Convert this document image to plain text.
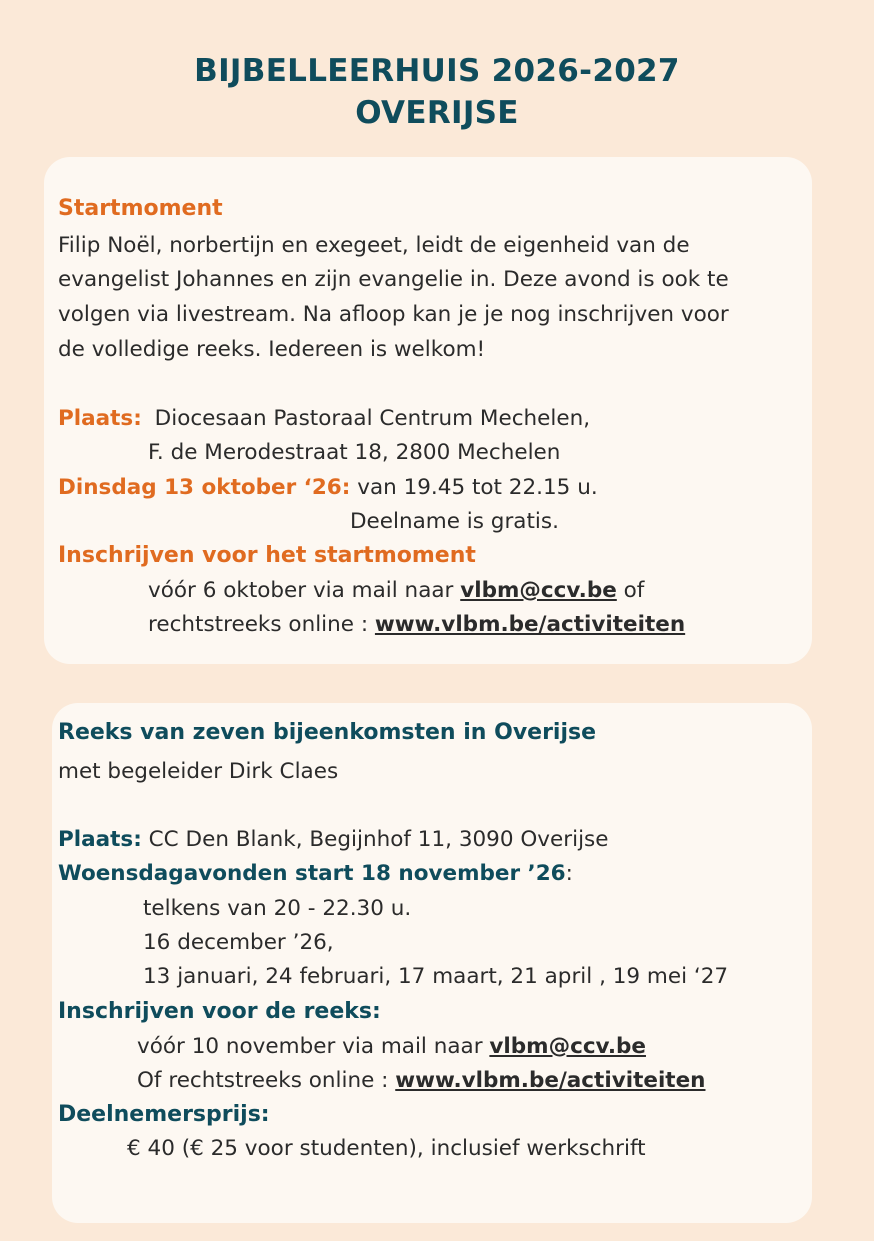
BIJBELLEERHUIS 2026-2027
OVERIJSE
Startmoment
Filip Noël, norbertijn en exegeet, leidt de eigenheid van de
evangelist Johannes en zijn evangelie in. Deze avond is ook te
volgen via livestream. Na afloop kan je je nog inschrijven voor
de volledige reeks. Iedereen is welkom!
Plaats: Diocesaan Pastoraal Centrum Mechelen,
F. de Merodestraat 18, 2800 Mechelen
Dinsdag 13 oktober ‘26: van 19.45 tot 22.15 u.
Deelname is gratis.
Inschrijven voor het startmoment
vóór 6 oktober via mail naar vlbm@ccv.be of
rechtstreeks online : www.vlbm.be/activiteiten
Reeks van zeven bijeenkomsten in Overijse
met begeleider Dirk Claes
Plaats: CC Den Blank, Begijnhof 11, 3090 Overijse
Woensdagavonden start 18 november ’26:
telkens van 20 - 22.30 u.
16 december ’26,
13 januari, 24 februari, 17 maart, 21 april , 19 mei ‘27
Inschrijven voor de reeks:
vóór 10 november via mail naar vlbm@ccv.be
Of rechtstreeks online : www.vlbm.be/activiteiten
Deelnemersprijs:
€ 40 (€ 25 voor studenten), inclusief werkschrift
